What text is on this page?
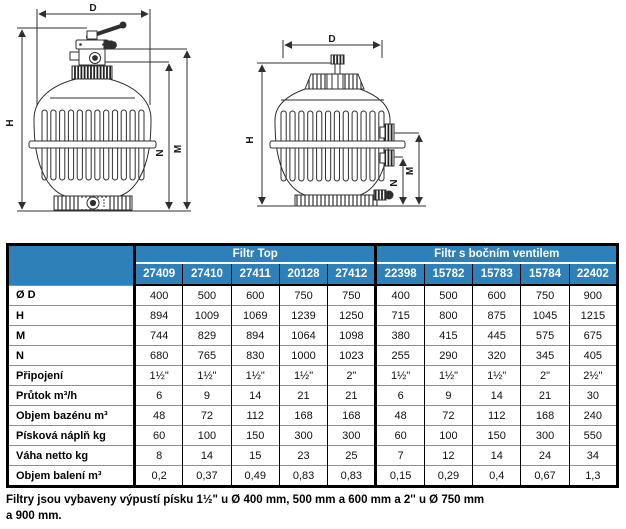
D
H
M
N
D
H
M
N
	Filtr Top					Filtr s bočním ventilem				
	27409	27410	27411	20128	27412	22398	15782	15783	15784	22402
Ø D	400	500	600	750	750	400	500	600	750	900
H	894	1009	1069	1239	1250	715	800	875	1045	1215
M	744	829	894	1064	1098	380	415	445	575	675
N	680	765	830	1000	1023	255	290	320	345	405
Připojení	1½"	1½"	1½"	1½"	2"	1½"	1½"	1½"	2"	2½"
Průtok m³/h	6	9	14	21	21	6	9	14	21	30
Objem bazénu m³	48	72	112	168	168	48	72	112	168	240
Písková náplň kg	60	100	150	300	300	60	100	150	300	550
Váha netto kg	8	14	15	23	25	7	12	14	24	34
Objem balení m³	0,2	0,37	0,49	0,83	0,83	0,15	0,29	0,4	0,67	1,3
Filtry jsou vybaveny výpustí písku 1½" u Ø 400 mm, 500 mm a 600 mm a 2'' u Ø 750 mm
a 900 mm.
